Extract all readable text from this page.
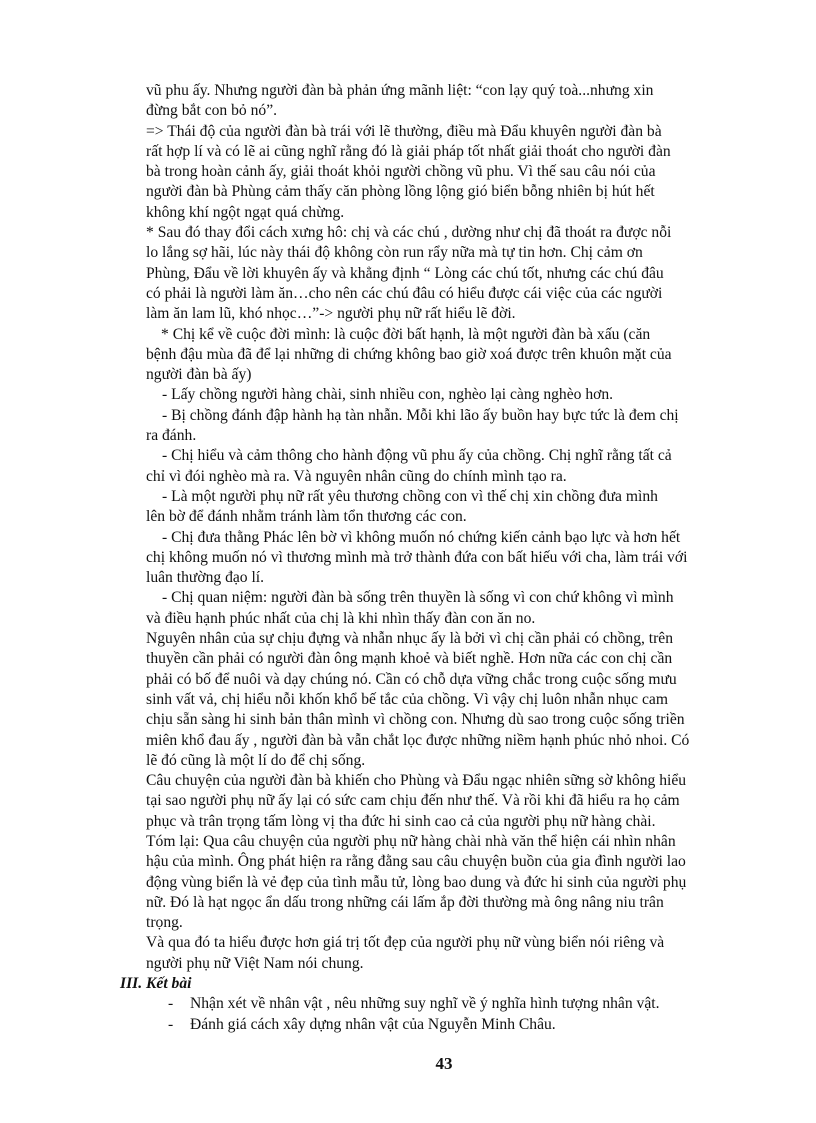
vũ phu ấy. Nhưng người đàn bà phản ứng mãnh liệt: “con lạy quý toà...nhưng xin
đừng bắt con bỏ nó”.
=> Thái độ của người đàn bà trái với lẽ thường, điều mà Đẩu khuyên người đàn bà
rất hợp lí và có lẽ ai cũng nghĩ rằng đó là giải pháp tốt nhất giải thoát cho người đàn
bà trong hoàn cảnh ấy, giải thoát khỏi người chồng vũ phu. Vì thế sau câu nói của
người đàn bà Phùng cảm thấy căn phòng lồng lộng gió biển bỗng nhiên bị hút hết
không khí ngột ngạt quá chừng.
* Sau đó thay đổi cách xưng hô: chị và các chú , dường như chị đã thoát ra được nỗi
lo lắng sợ hãi, lúc này thái độ không còn run rẩy nữa mà tự tin hơn. Chị cảm ơn
Phùng, Đẩu về lời khuyên ấy và khẳng định “ Lòng các chú tốt, nhưng các chú đâu
có phải là người làm ăn…cho nên các chú đâu có hiểu được cái việc của các người
làm ăn lam lũ, khó nhọc…”-> người phụ nữ rất hiểu lẽ đời.
* Chị kể về cuộc đời mình: là cuộc đời bất hạnh, là một người đàn bà xấu (căn
bệnh đậu mùa đã để lại những di chứng không bao giờ xoá được trên khuôn mặt của
người đàn bà ấy)
- Lấy chồng người hàng chài, sinh nhiều con, nghèo lại càng nghèo hơn.
- Bị chồng đánh đập hành hạ tàn nhẫn. Mỗi khi lão ấy buồn hay bực tức là đem chị
ra đánh.
- Chị hiểu và cảm thông cho hành động vũ phu ấy của chồng. Chị nghĩ rằng tất cả
chỉ vì đói nghèo mà ra. Và nguyên nhân cũng do chính mình tạo ra.
- Là một người phụ nữ rất yêu thương chồng con vì thế chị xin chồng đưa mình
lên bờ để đánh nhằm tránh làm tổn thương các con.
- Chị đưa thằng Phác lên bờ vì không muốn nó chứng kiến cảnh bạo lực và hơn hết
chị không muốn nó vì thương mình mà trở thành đứa con bất hiếu với cha, làm trái với
luân thường đạo lí.
- Chị quan niệm: người đàn bà sống trên thuyền là sống vì con chứ không vì mình
và điều hạnh phúc nhất của chị là khi nhìn thấy đàn con ăn no.
Nguyên nhân của sự chịu đựng và nhẫn nhục ấy là bởi vì chị cần phải có chồng, trên
thuyền cần phải có người đàn ông mạnh khoẻ và biết nghề. Hơn nữa các con chị cần
phải có bố để nuôi và dạy chúng nó. Cần có chỗ dựa vững chắc trong cuộc sống mưu
sinh vất vả, chị hiểu nỗi khốn khổ bế tắc của chồng. Vì vậy chị luôn nhẫn nhục cam
chịu sẵn sàng hi sinh bản thân mình vì chồng con. Nhưng dù sao trong cuộc sống triền
miên khổ đau ấy , người đàn bà vẫn chắt lọc được những niềm hạnh phúc nhỏ nhoi. Có
lẽ đó cũng là một lí do để chị sống.
Câu chuyện của người đàn bà khiến cho Phùng và Đẩu ngạc nhiên sững sờ không hiểu
tại sao người phụ nữ ấy lại có sức cam chịu đến như thế. Và rồi khi đã hiểu ra họ cảm
phục và trân trọng tấm lòng vị tha đức hi sinh cao cả của người phụ nữ hàng chài.
Tóm lại: Qua câu chuyện của người phụ nữ hàng chài nhà văn thể hiện cái nhìn nhân
hậu của mình. Ông phát hiện ra rằng đằng sau câu chuyện buồn của gia đình người lao
động vùng biển là vẻ đẹp của tình mẫu tử, lòng bao dung và đức hi sinh của người phụ
nữ. Đó là hạt ngọc ẩn dấu trong những cái lấm ắp đời thường mà ông nâng niu trân
trọng.
Và qua đó ta hiểu được hơn giá trị tốt đẹp của người phụ nữ vùng biển nói riêng và
người phụ nữ Việt Nam nói chung.
III. Kết bài
- Nhận xét về nhân vật , nêu những suy nghĩ về ý nghĩa hình tượng nhân vật.
- Đánh giá cách xây dựng nhân vật của Nguyễn Minh Châu.
43
